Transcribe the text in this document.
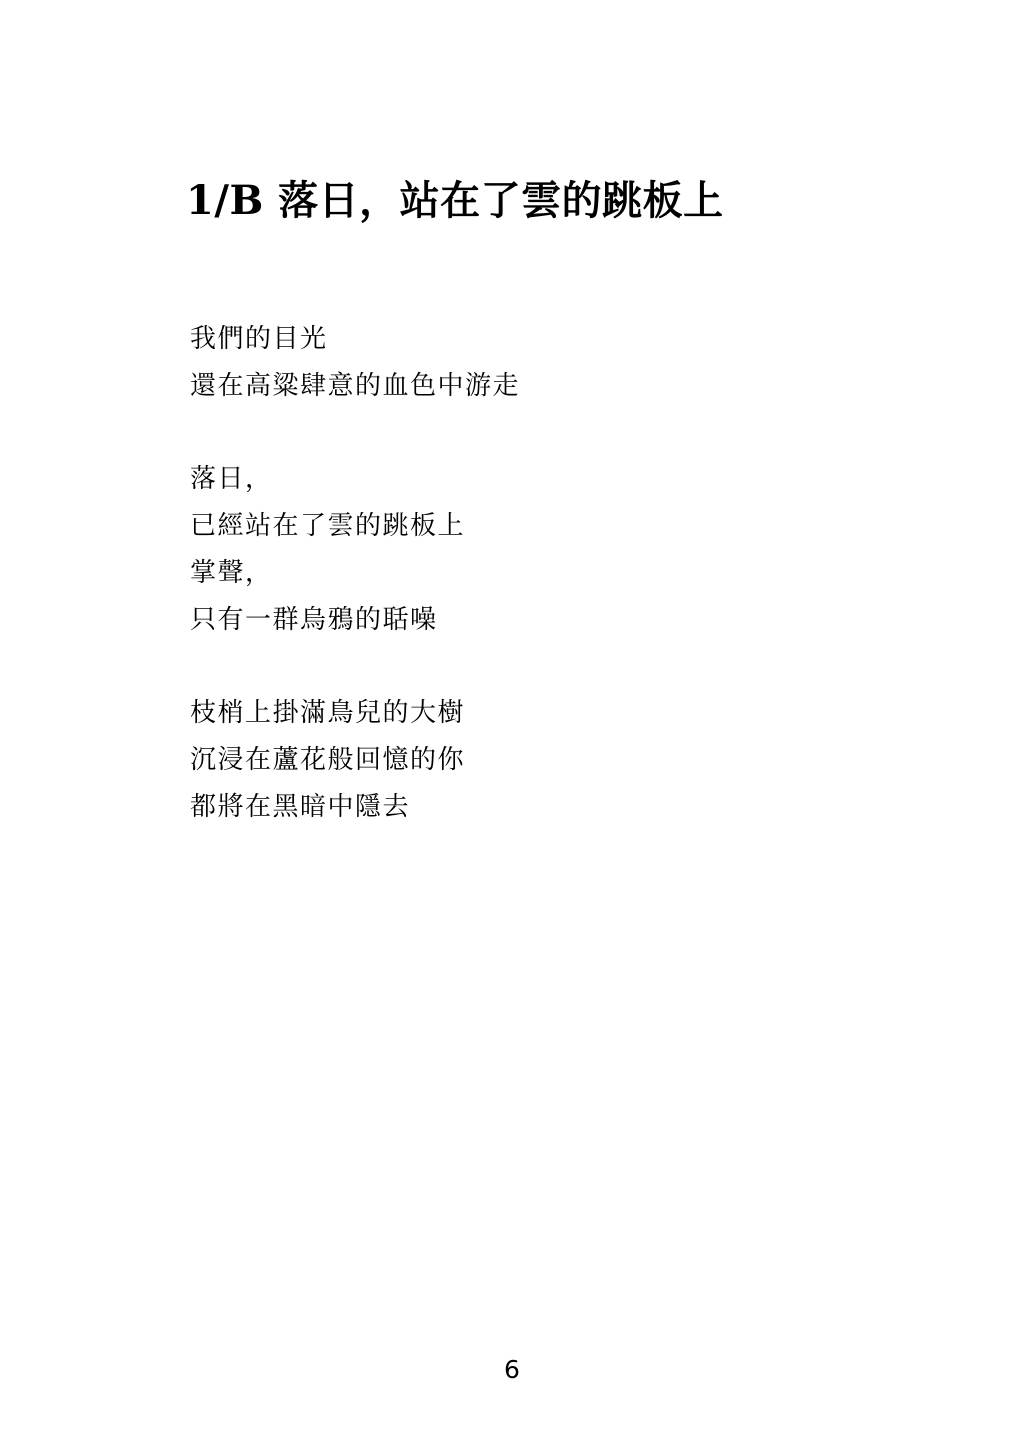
1/B 落日，站在了雲的跳板上
我們的目光
還在高粱肆意的血色中游走
落日，
已經站在了雲的跳板上
掌聲，
只有一群烏鴉的聒噪
枝梢上掛滿鳥兒的大樹
沉浸在蘆花般回憶的你
都將在黑暗中隱去
6
